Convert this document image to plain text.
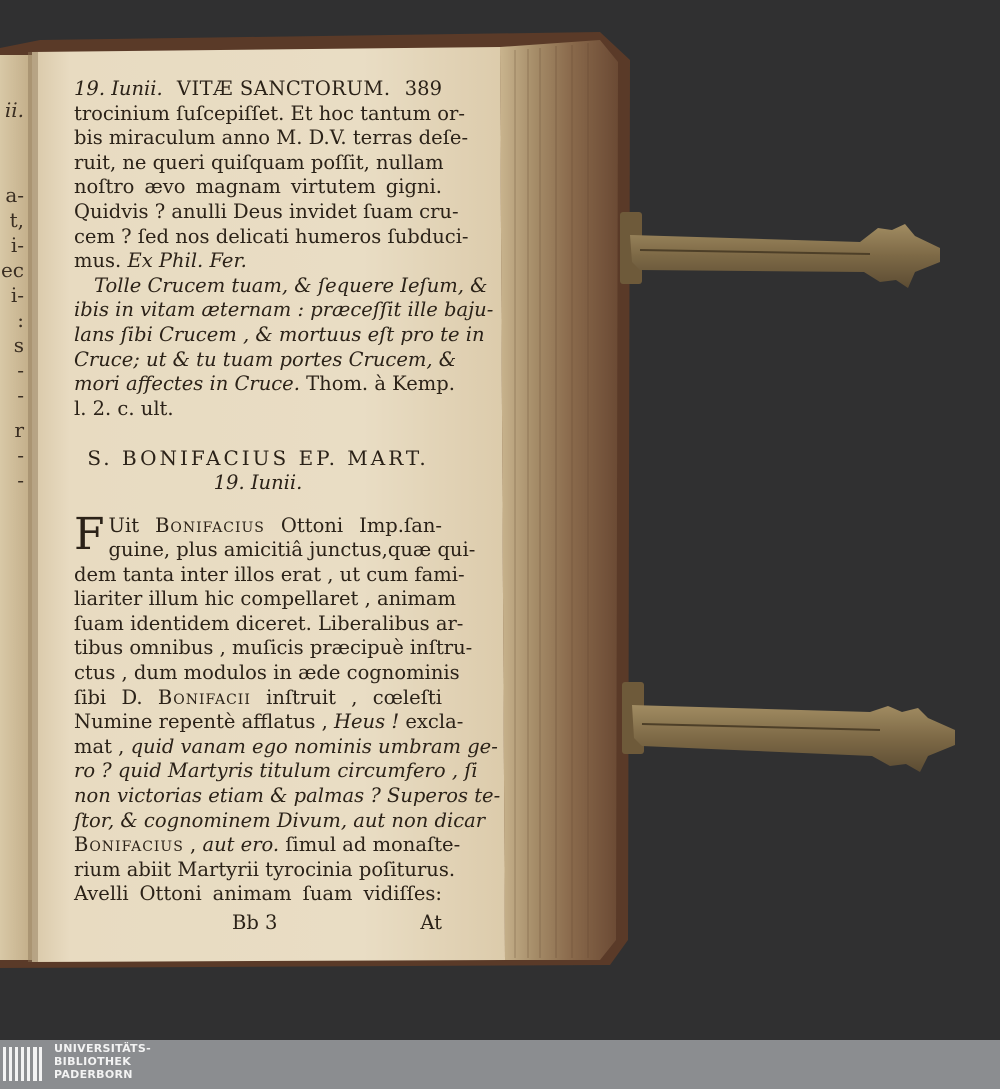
ii.
a-
t,
i-
ec
i-
:
s
-
-
r
-
-
19. Iunii. VITÆ SANCTORUM. 389
trocinium ſuſcepiſſet. Et hoc tantum or-
bis miraculum anno M. D.V. terras deſe-
ruit, ne queri quiſquam poſſit, nullam
noſtro ævo magnam virtutem gigni.
Quidvis ? anulli Deus invidet ſuam cru-
cem ? ſed nos delicati humeros ſubduci-
mus. Ex Phil. Fer.
Tolle Crucem tuam, & ſequere Ieſum, &
ibis in vitam æternam : præceſſit ille baju-
lans ſibi Crucem , & mortuus eſt pro te in
Cruce; ut & tu tuam portes Crucem, &
mori affectes in Cruce. Thom. à Kemp.
l. 2. c. ult.
S. BONIFACIUS EP. MART.
19. Iunii.
F Uit Bonifacius Ottoni Imp.ſan-
guine, plus amicitiâ junctus,quæ qui-
dem tanta inter illos erat , ut cum fami-
liariter illum hic compellaret , animam
ſuam identidem diceret. Liberalibus ar-
tibus omnibus , muſicis præcipuè inſtru-
ctus , dum modulos in æde cognominis
ſibi D. Bonifacii inſtruit , cœleſti
Numine repentè afflatus , Heus ! excla-
mat , quid vanam ego nominis umbram ge-
ro ? quid Martyris titulum circumfero , ſi
non victorias etiam & palmas ? Superos te-
ſtor, & cognominem Divum, aut non dicar
Bonifacius , aut ero. ſimul ad monaſte-
rium abiit Martyrii tyrocinia poſiturus.
Avelli Ottoni animam ſuam vidiſſes:
Bb 3	At
UNIVERSITÄTS-
BIBLIOTHEK
PADERBORN
